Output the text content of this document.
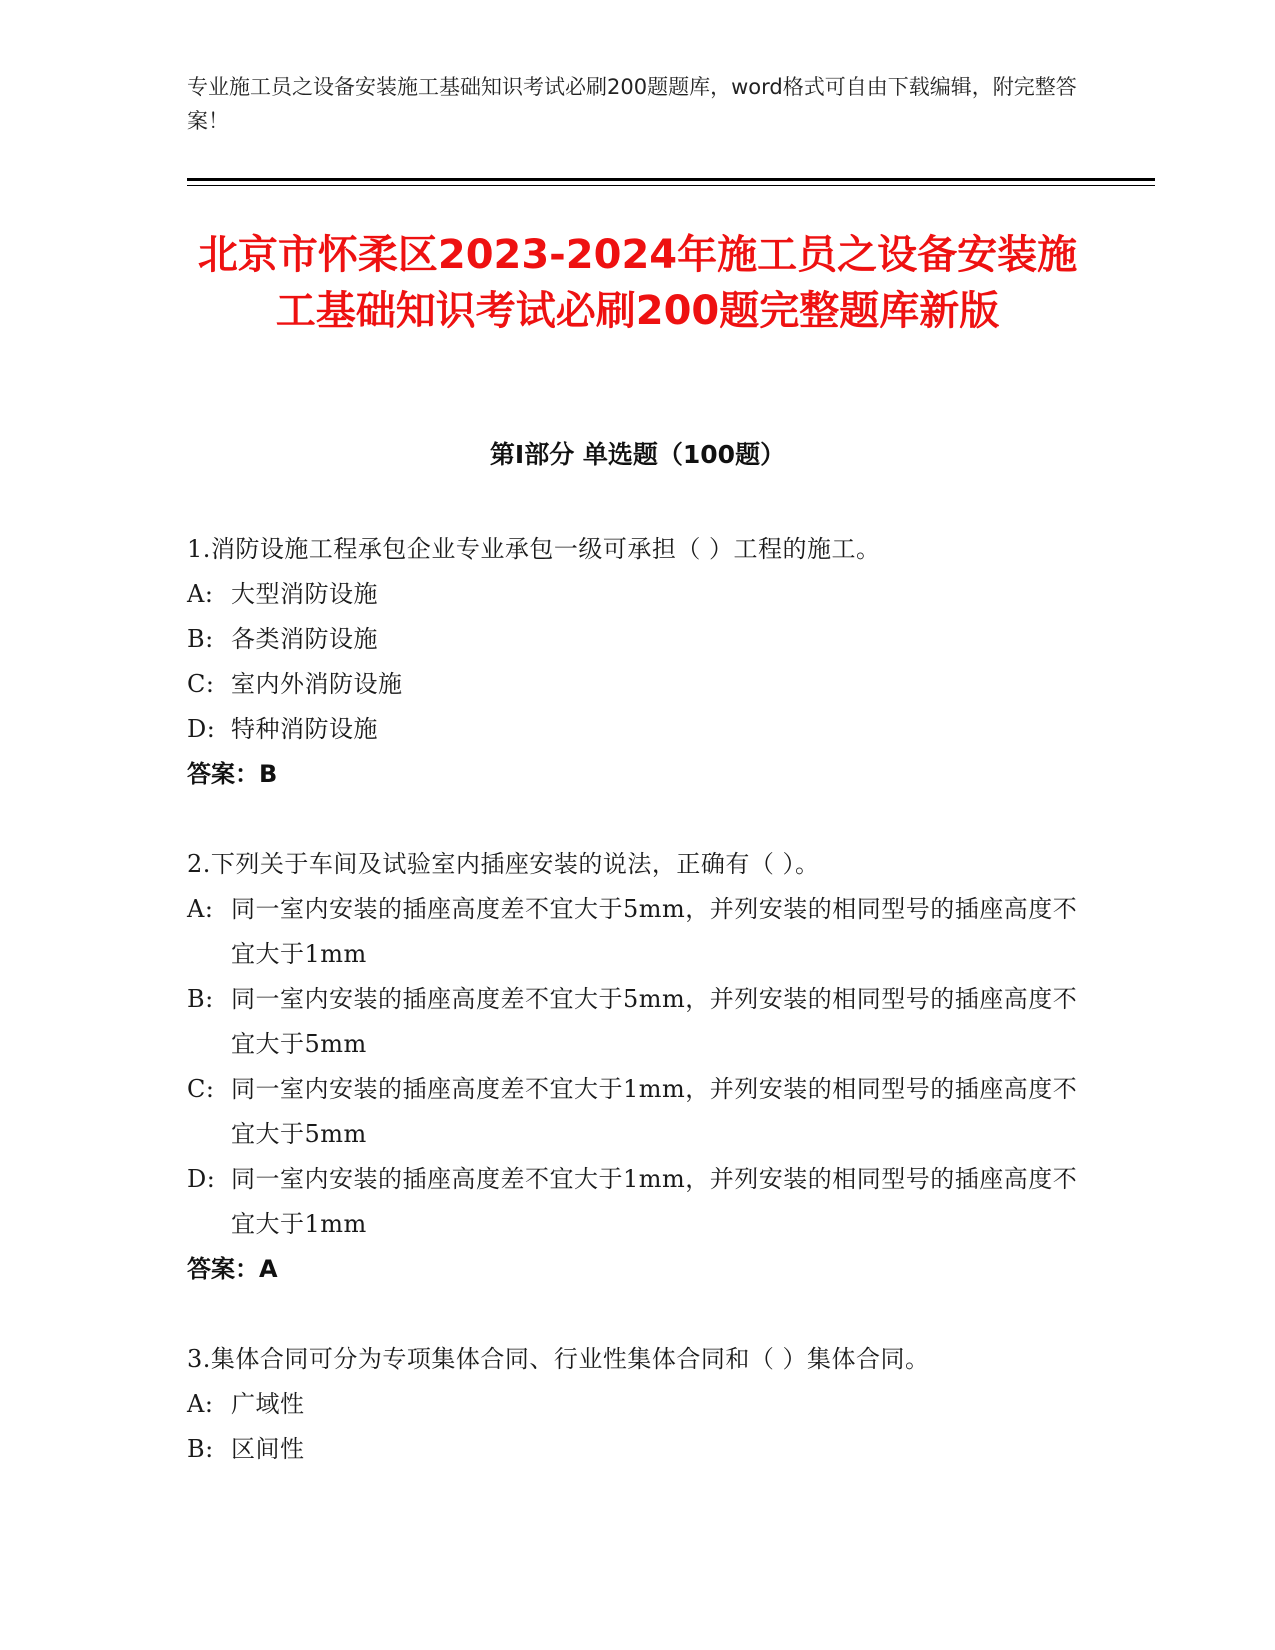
专业施工员之设备安装施工基础知识考试必刷200题题库，word格式可自由下载编辑，附完整答案！
北京市怀柔区2023-2024年施工员之设备安装施工基础知识考试必刷200题完整题库新版
第I部分 单选题（100题）
1.消防设施工程承包企业专业承包一级可承担（ ）工程的施工。
A: 大型消防设施
B: 各类消防设施
C: 室内外消防设施
D: 特种消防设施
答案：B
2.下列关于车间及试验室内插座安装的说法，正确有（ ）。
A: 同一室内安装的插座高度差不宜大于5mm，并列安装的相同型号的插座高度不宜大于1mm
B: 同一室内安装的插座高度差不宜大于5mm，并列安装的相同型号的插座高度不宜大于5mm
C: 同一室内安装的插座高度差不宜大于1mm，并列安装的相同型号的插座高度不宜大于5mm
D: 同一室内安装的插座高度差不宜大于1mm，并列安装的相同型号的插座高度不宜大于1mm
答案：A
3.集体合同可分为专项集体合同、行业性集体合同和（ ）集体合同。
A: 广域性
B: 区间性
